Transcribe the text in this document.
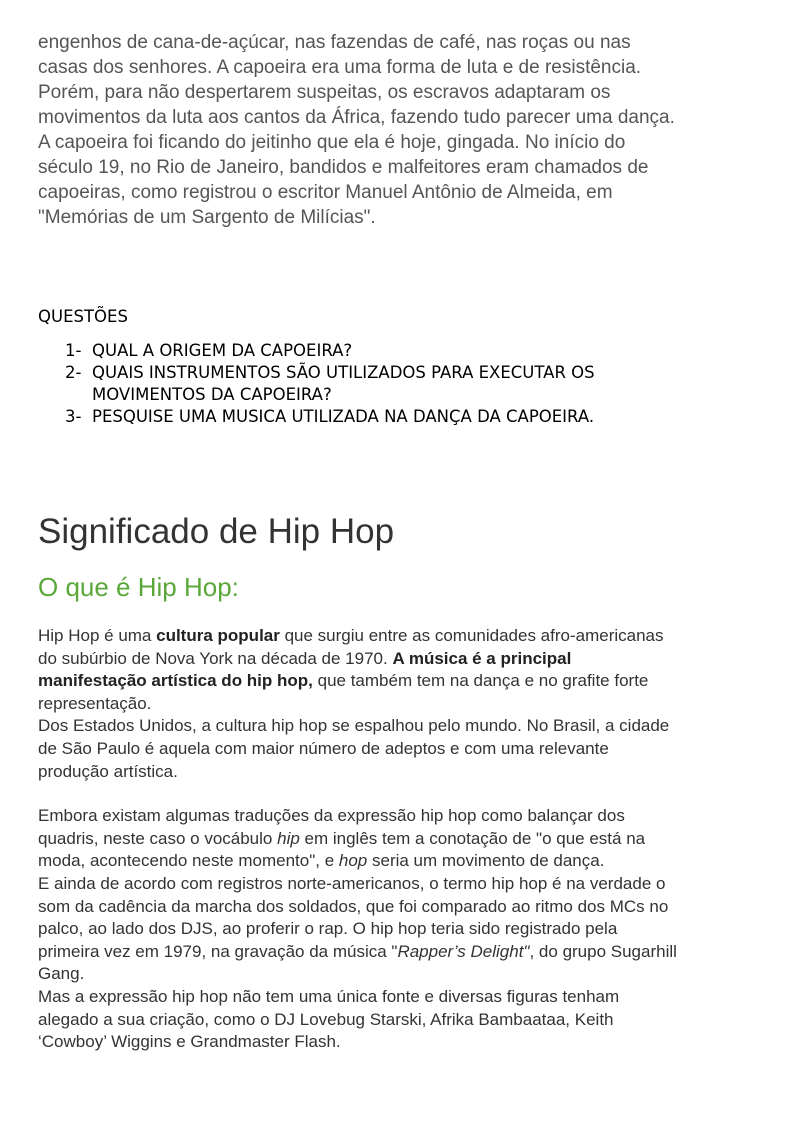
engenhos de cana-de-açúcar, nas fazendas de café, nas roças ou nas casas dos senhores. A capoeira era uma forma de luta e de resistência. Porém, para não despertarem suspeitas, os escravos adaptaram os movimentos da luta aos cantos da África, fazendo tudo parecer uma dança. A capoeira foi ficando do jeitinho que ela é hoje, gingada. No início do século 19, no Rio de Janeiro, bandidos e malfeitores eram chamados de capoeiras, como registrou o escritor Manuel Antônio de Almeida, em "Memórias de um Sargento de Milícias".

QUESTÕES

1- QUAL A ORIGEM DA CAPOEIRA?
2- QUAIS INSTRUMENTOS SÃO UTILIZADOS PARA EXECUTAR OS MOVIMENTOS DA CAPOEIRA?
3- PESQUISE UMA MUSICA UTILIZADA NA DANÇA DA CAPOEIRA.
Significado de Hip Hop
O que é Hip Hop:

Hip Hop é uma cultura popular que surgiu entre as comunidades afro-americanas do subúrbio de Nova York na década de 1970. A música é a principal manifestação artística do hip hop, que também tem na dança e no grafite forte representação.

Dos Estados Unidos, a cultura hip hop se espalhou pelo mundo. No Brasil, a cidade de São Paulo é aquela com maior número de adeptos e com uma relevante produção artística.

Embora existam algumas traduções da expressão hip hop como balançar dos quadris, neste caso o vocábulo hip em inglês tem a conotação de "o que está na moda, acontecendo neste momento", e hop seria um movimento de dança.

E ainda de acordo com registros norte-americanos, o termo hip hop é na verdade o som da cadência da marcha dos soldados, que foi comparado ao ritmo dos MCs no palco, ao lado dos DJS, ao proferir o rap. O hip hop teria sido registrado pela primeira vez em 1979, na gravação da música "Rapper’s Delight", do grupo Sugarhill Gang.

Mas a expressão hip hop não tem uma única fonte e diversas figuras tenham alegado a sua criação, como o DJ Lovebug Starski, Afrika Bambaataa, Keith ‘Cowboy’ Wiggins e Grandmaster Flash.
